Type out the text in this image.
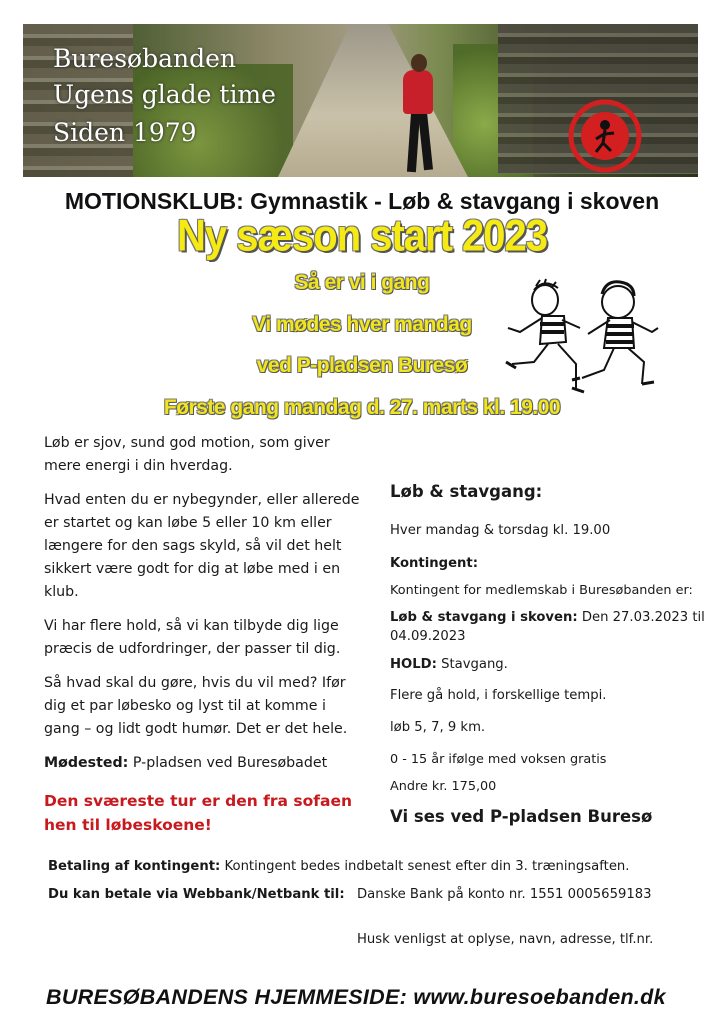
Buresøbanden
Ugens glade time
Siden 1979
MOTIONSKLUB: Gymnastik - Løb & stavgang i skoven
Ny sæson start 2023
Så er vi i gang
Vi mødes hver mandag
ved P-pladsen Buresø
Første gang mandag d. 27. marts kl. 19.00

Løb er sjov, sund god motion, som giver mere energi i din hverdag.

Hvad enten du er nybegynder, eller allerede er startet og kan løbe 5 eller 10 km eller længere for den sags skyld, så vil det helt sikkert være godt for dig at løbe med i en klub.

Vi har flere hold, så vi kan tilbyde dig lige præcis de udfordringer, der passer til dig.

Så hvad skal du gøre, hvis du vil med? Ifør dig et par løbesko og lyst til at komme i gang – og lidt godt humør. Det er det hele.

Mødested: P-pladsen ved Buresøbadet

Den sværeste tur er den fra sofaen hen til løbeskoene!
Løb & stavgang:
Hver mandag & torsdag kl. 19.00
Kontingent:
Kontingent for medlemskab i Buresøbanden er:
Løb & stavgang i skoven: Den 27.03.2023 til
04.09.2023
HOLD: Stavgang.
Flere gå hold, i forskellige tempi.
løb 5, 7, 9 km.
0 - 15 år ifølge med voksen gratis
Andre kr. 175,00
Vi ses ved P-pladsen Buresø
Betaling af kontingent: Kontingent bedes indbetalt senest efter din 3. træningsaften.
Du kan betale via Webbank/Netbank til: Danske Bank på konto nr. 1551 0005659183
Husk venligst at oplyse, navn, adresse, tlf.nr.
BURESØBANDENS HJEMMESIDE: www.buresoebanden.dk
